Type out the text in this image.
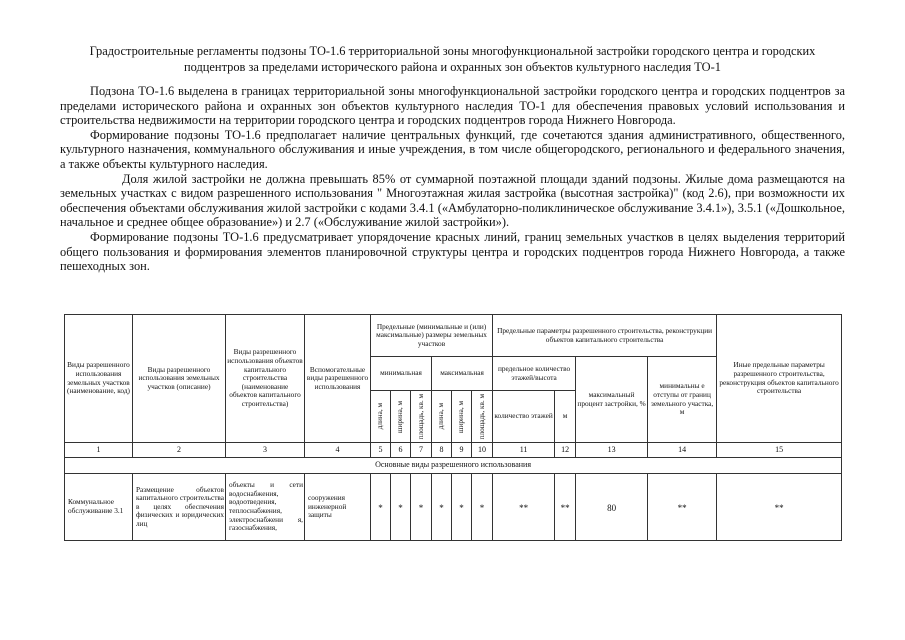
Градостроительные регламенты подзоны ТО-1.6 территориальной зоны многофункциональной застройки городского центра и городских подцентров за пределами исторического района и охранных зон объектов культурного наследия ТО-1

Подзона ТО-1.6 выделена в границах территориальной зоны многофункциональной застройки городского центра и городских подцентров за пределами исторического района и охранных зон объектов культурного наследия ТО-1 для обеспечения правовых условий использования и строительства недвижимости на территории городского центра и городских подцентров города Нижнего Новгорода.

Формирование подзоны ТО-1.6 предполагает наличие центральных функций, где сочетаются здания административного, общественного, культурного назначения, коммунального обслуживания и иные учреждения, в том числе общегородского, регионального и федерального значения, а также объекты культурного наследия.

Доля жилой застройки не должна превышать 85% от суммарной поэтажной площади зданий подзоны. Жилые дома размещаются на земельных участках с видом разрешенного использования " Многоэтажная жилая застройка (высотная застройка)" (код 2.6), при возможности их обеспечения объектами обслуживания жилой застройки с кодами 3.4.1 («Амбулаторно-поликлиническое обслуживание 3.4.1»), 3.5.1 («Дошкольное, начальное и среднее общее образование») и 2.7 («Обслуживание жилой застройки»).

Формирование подзоны ТО-1.6 предусматривает упорядочение красных линий, границ земельных участков в целях выделения территорий общего пользования и формирования элементов планировочной структуры центра и городских подцентров города Нижнего Новгорода, а также пешеходных зон.

Виды разрешенного использования земельных участков (наименование, код)	Виды разрешенного использования земельных участков (описание)	Виды разрешенного использования объектов капитального строительства (наименование объектов капитального строительства)	Вспомогательные виды разрешенного использования	Предельные (минимальные и (или) максимальные) размеры земельных участков						Предельные параметры разрешенного строительства, реконструкции объектов капитального строительства				Иные предельные параметры разрешенного строительства, реконструкция объектов капитального строительства
				минимальная			максимальная			предельное количество этажей/высота		максимальный процент застройки, %	минимальны е отступы от границ земельного участка, м	

				длина, м	ширина, м	площадь, кв. м	длина, м	ширина, м	площадь, кв. м	количество этажей	м			
1	2	3	4	5	6	7	8	9	10	11	12	13	14	15
Основные виды разрешенного использования														
Коммунальное обслуживание 3.1	Размещение объектов капитального строительства в целях обеспечения физических и юридических лиц	объекты и сети водоснабжения, водоотведения, теплоснабжения, электроснабжени я, газоснабжения,	сооружения инженерной защиты	*	*	*	*	*	*	**	**	80	**	**
